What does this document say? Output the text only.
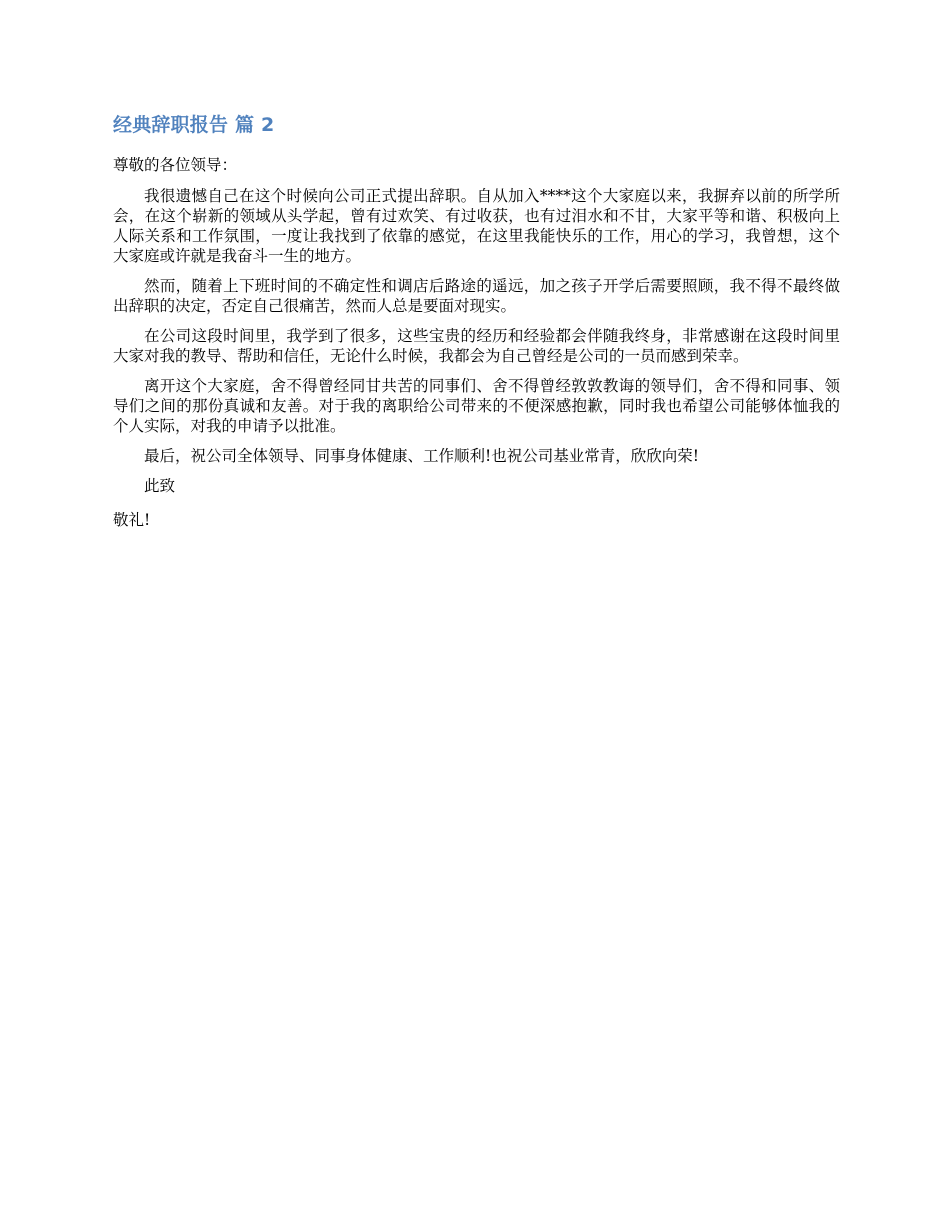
经典辞职报告 篇 2

尊敬的各位领导：

我很遗憾自己在这个时候向公司正式提出辞职。自从加入****这个大家庭以来，我摒弃以前的所学所会，在这个崭新的领域从头学起，曾有过欢笑、有过收获，也有过泪水和不甘，大家平等和谐、积极向上人际关系和工作氛围，一度让我找到了依靠的感觉，在这里我能快乐的工作，用心的学习，我曾想，这个大家庭或许就是我奋斗一生的地方。

然而，随着上下班时间的不确定性和调店后路途的遥远，加之孩子开学后需要照顾，我不得不最终做出辞职的决定，否定自己很痛苦，然而人总是要面对现实。

在公司这段时间里，我学到了很多，这些宝贵的经历和经验都会伴随我终身，非常感谢在这段时间里大家对我的教导、帮助和信任，无论什么时候，我都会为自己曾经是公司的一员而感到荣幸。

离开这个大家庭，舍不得曾经同甘共苦的同事们、舍不得曾经敦敦教诲的领导们，舍不得和同事、领导们之间的那份真诚和友善。对于我的离职给公司带来的不便深感抱歉，同时我也希望公司能够体恤我的个人实际，对我的申请予以批准。

最后，祝公司全体领导、同事身体健康、工作顺利!也祝公司基业常青，欣欣向荣!

此致

敬礼!
